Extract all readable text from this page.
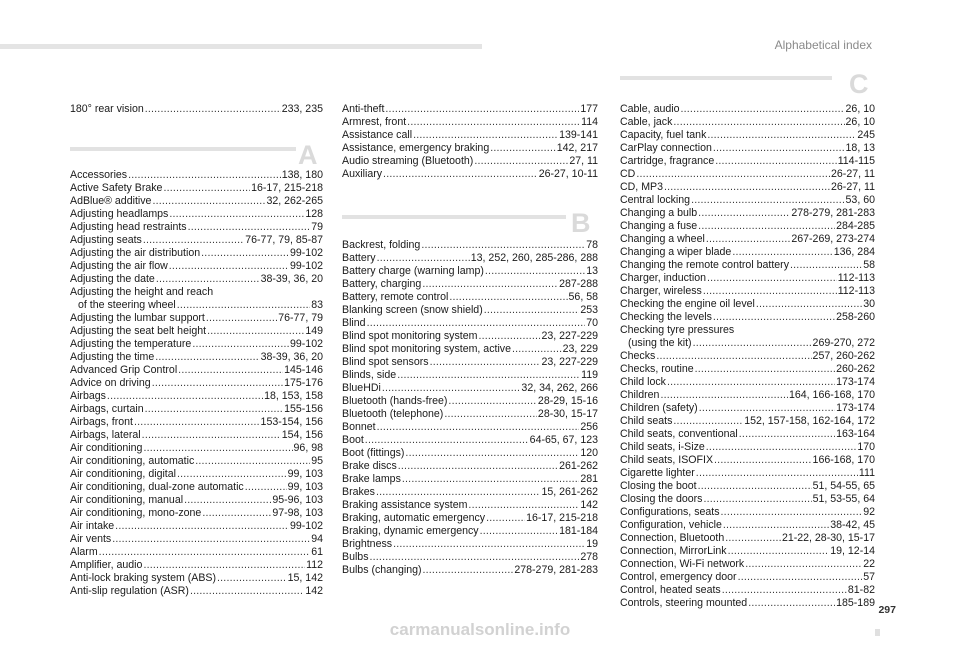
Alphabetical index
180° rear vision .....	233, 235
A
Accessories .....	138, 180
Active Safety Brake .....	16-17, 215-218
AdBlue® additive .....	32, 262-265
Adjusting headlamps .....	128
Adjusting head restraints .....	79
Adjusting seats .....	76-77, 79, 85-87
Adjusting the air distribution .....	99-102
Adjusting the air flow .....	99-102
Adjusting the date .....	38-39, 36, 20
Adjusting the height and reach
of the steering wheel .....	83
Adjusting the lumbar support .....	76-77, 79
Adjusting the seat belt height .....	149
Adjusting the temperature .....	99-102
Adjusting the time .....	38-39, 36, 20
Advanced Grip Control .....	145-146
Advice on driving .....	175-176
Airbags .....	18, 153, 158
Airbags, curtain .....	155-156
Airbags, front .....	153-154, 156
Airbags, lateral .....	154, 156
Air conditioning .....	96, 98
Air conditioning, automatic .....	95
Air conditioning, digital .....	99, 103
Air conditioning, dual-zone automatic .....	99, 103
Air conditioning, manual .....	95-96, 103
Air conditioning, mono-zone .....	97-98, 103
Air intake .....	99-102
Air vents .....	94
Alarm .....	61
Amplifier, audio .....	112
Anti-lock braking system (ABS) .....	15, 142
Anti-slip regulation (ASR) .....	142
Anti-theft .....	177
Armrest, front .....	114
Assistance call .....	139-141
Assistance, emergency braking .....	142, 217
Audio streaming (Bluetooth) .....	27, 11
Auxiliary .....	26-27, 10-11
B
Backrest, folding .....	78
Battery .....	13, 252, 260, 285-286, 288
Battery charge (warning lamp) .....	13
Battery, charging .....	287-288
Battery, remote control .....	56, 58
Blanking screen (snow shield) .....	253
Blind .....	70
Blind spot monitoring system .....	23, 227-229
Blind spot monitoring system, active .....	23, 229
Blind spot sensors .....	23, 227-229
Blinds, side .....	119
BlueHDi .....	32, 34, 262, 266
Bluetooth (hands-free) .....	28-29, 15-16
Bluetooth (telephone) .....	28-30, 15-17
Bonnet .....	256
Boot .....	64-65, 67, 123
Boot (fittings) .....	120
Brake discs .....	261-262
Brake lamps .....	281
Brakes .....	15, 261-262
Braking assistance system .....	142
Braking, automatic emergency .....	16-17, 215-218
Braking, dynamic emergency .....	181-184
Brightness .....	19
Bulbs .....	278
Bulbs (changing) .....	278-279, 281-283
C
Cable, audio .....	26, 10
Cable, jack .....	26, 10
Capacity, fuel tank .....	245
CarPlay connection .....	18, 13
Cartridge, fragrance .....	114-115
CD .....	26-27, 11
CD, MP3 .....	26-27, 11
Central locking .....	53, 60
Changing a bulb .....	278-279, 281-283
Changing a fuse .....	284-285
Changing a wheel .....	267-269, 273-274
Changing a wiper blade .....	136, 284
Changing the remote control battery .....	58
Charger, induction .....	112-113
Charger, wireless .....	112-113
Checking the engine oil level .....	30
Checking the levels .....	258-260
Checking tyre pressures
(using the kit) .....	269-270, 272
Checks .....	257, 260-262
Checks, routine .....	260-262
Child lock .....	173-174
Children .....	164, 166-168, 170
Children (safety) .....	173-174
Child seats .....	152, 157-158, 162-164, 172
Child seats, conventional .....	163-164
Child seats, i-Size .....	170
Child seats, ISOFIX .....	166-168, 170
Cigarette lighter .....	111
Closing the boot .....	51, 54-55, 65
Closing the doors .....	51, 53-55, 64
Configurations, seats .....	92
Configuration, vehicle .....	38-42, 45
Connection, Bluetooth .....	21-22, 28-30, 15-17
Connection, MirrorLink .....	19, 12-14
Connection, Wi-Fi network .....	22
Control, emergency door .....	57
Control, heated seats .....	81-82
Controls, steering mounted .....	185-189
297
carmanualsonline.info
